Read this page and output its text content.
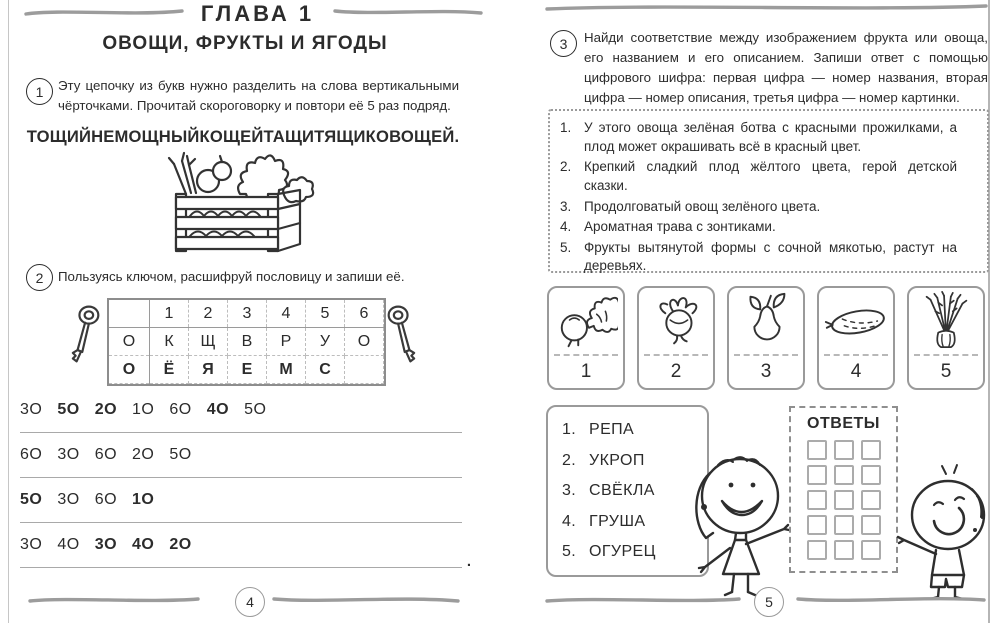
ГЛАВА 1
ОВОЩИ, ФРУКТЫ И ЯГОДЫ
1 Эту цепочку из букв нужно разделить на слова вертикальными чёрточками. Прочитай скороговорку и повтори её 5 раз подряд.
ТОЩИЙНЕМОЩНЫЙКОЩЕЙТАЩИТЯЩИКОВОЩЕЙ.
2 Пользуясь ключом, расшифруй пословицу и запиши её.
	1	2	3	4	5	6
О	К	Щ	В	Р	У	О
О	Ё	Я	Е	М	С	
3О 5О 2О 1О 6О 4О 5О
6О 3О 6О 2О 5О
5О 3О 6О 1О
3О 4О 3О 4О 2О
.
3 Найди соответствие между изображением фрукта или овоща, его названием и его описанием. Запиши ответ с помощью цифрового шифра: первая цифра — номер названия, вторая цифра — номер описания, третья цифра — номер картинки.
1. У этого овоща зелёная ботва с красными прожилками, а плод может окрашивать всё в красный цвет.
2. Крепкий сладкий плод жёлтого цвета, герой детской сказки.
3. Продолговатый овощ зелёного цвета.
4. Ароматная трава с зонтиками.
5. Фрукты вытянутой формы с сочной мякотью, растут на деревьях.
1	2	3	4	5
1. РЕПА
2. УКРОП
3. СВЁКЛА
4. ГРУША
5. ОГУРЕЦ
ОТВЕТЫ
4	5
